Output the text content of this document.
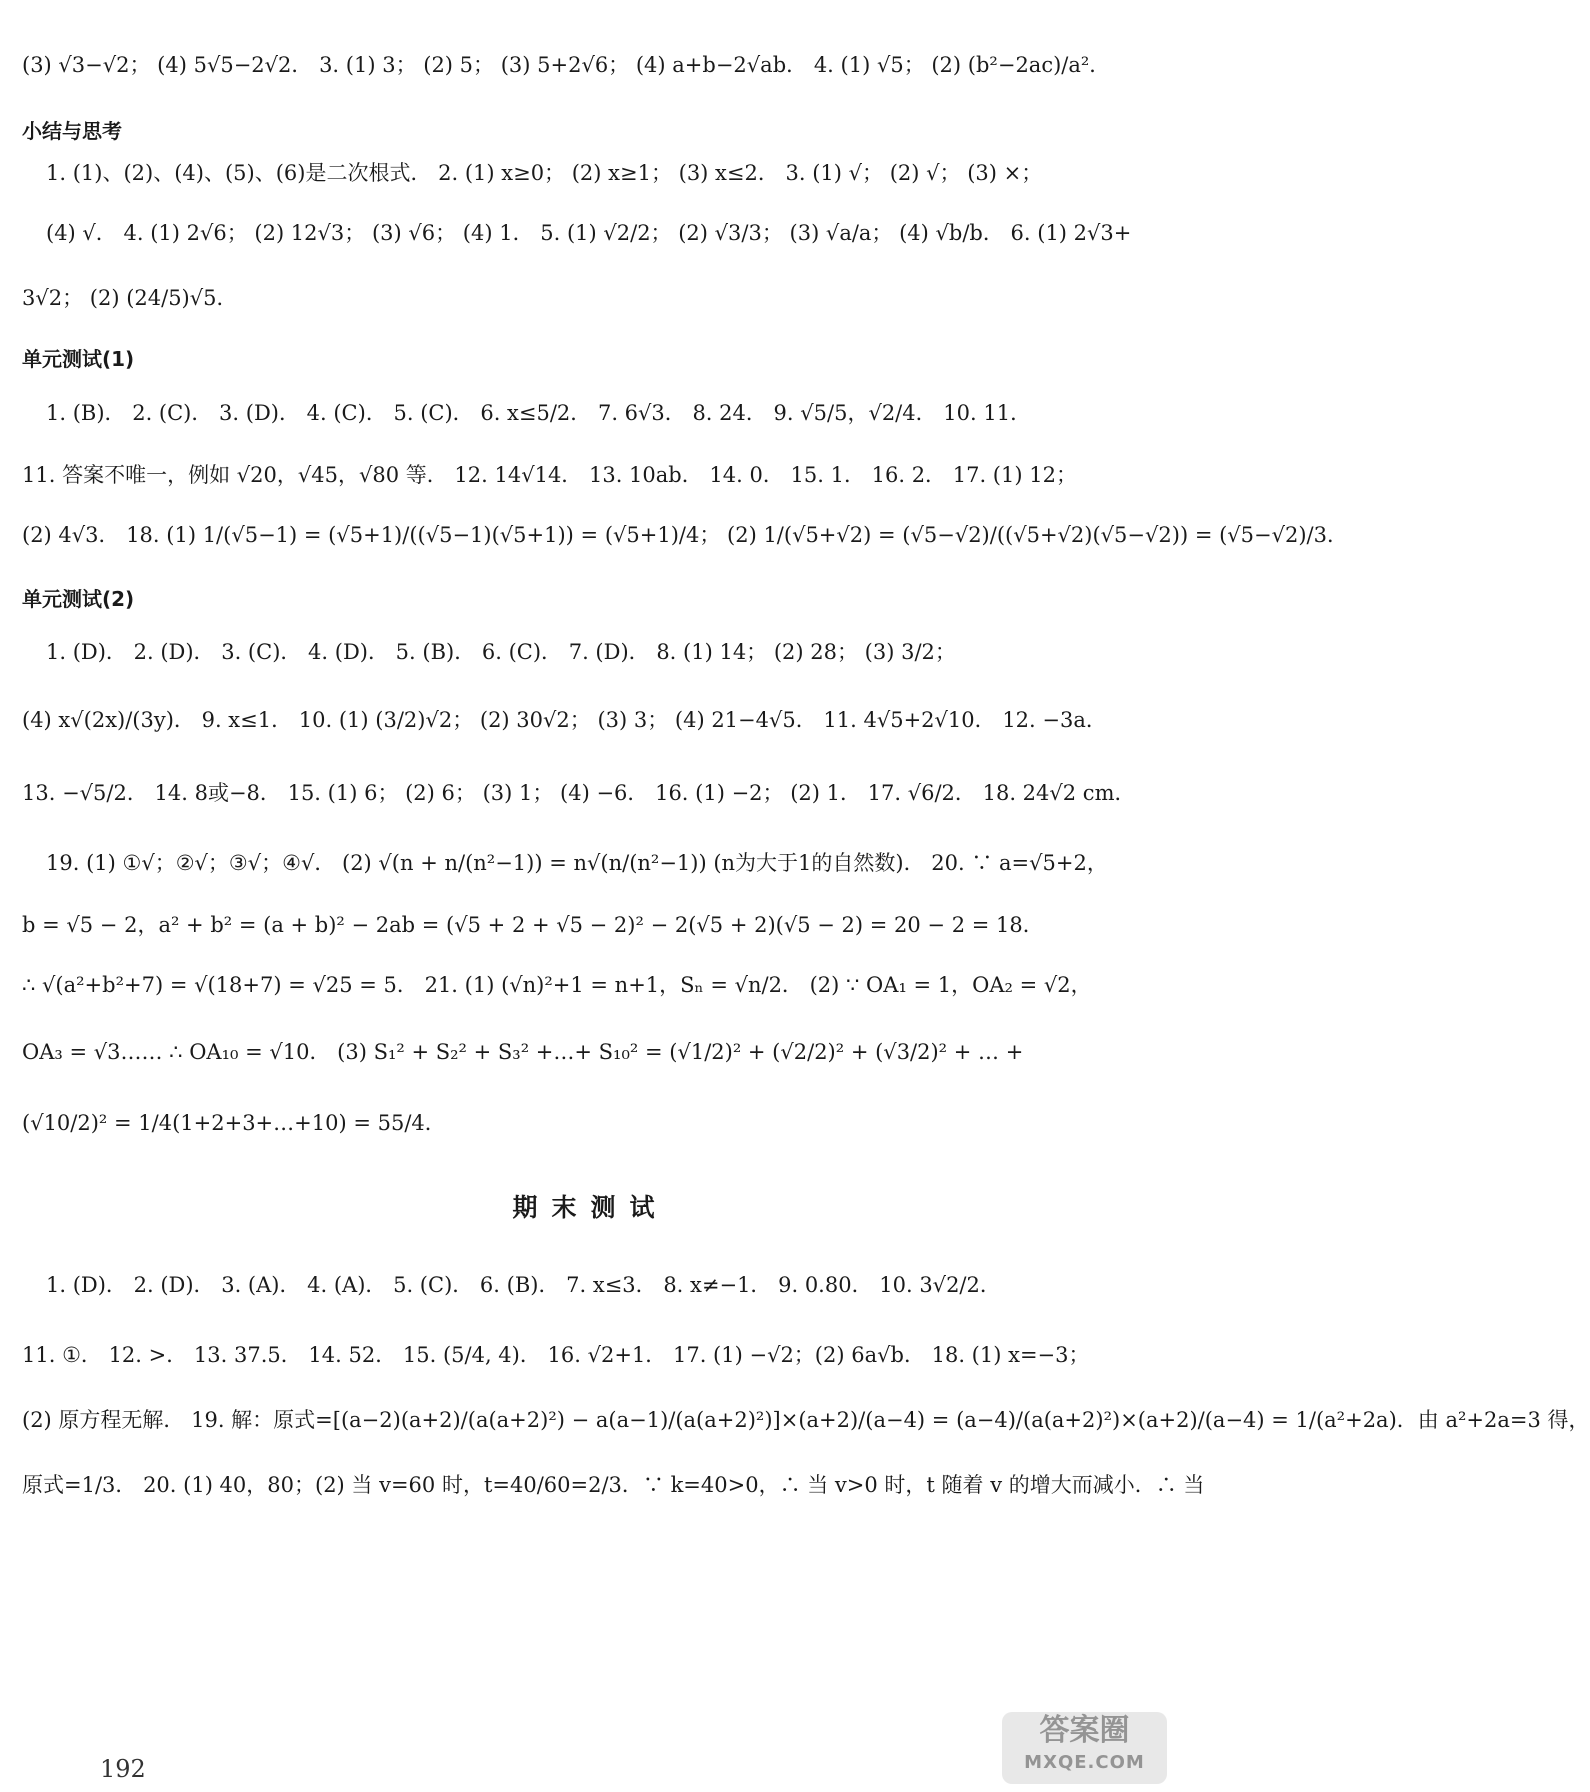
(3) √3−√2； (4) 5√5−2√2． 3. (1) 3； (2) 5； (3) 5+2√6； (4) a+b−2√ab． 4. (1) √5； (2) (b²−2ac)/a²．
小结与思考
1. (1)、(2)、(4)、(5)、(6)是二次根式． 2. (1) x≥0； (2) x≥1； (3) x≤2． 3. (1) √； (2) √； (3) ×；
(4) √． 4. (1) 2√6； (2) 12√3； (3) √6； (4) 1． 5. (1) √2/2； (2) √3/3； (3) √a/a； (4) √b/b． 6. (1) 2√3+
3√2； (2) (24/5)√5．
单元测试(1)
1. (B)． 2. (C)． 3. (D)． 4. (C)． 5. (C)． 6. x≤5/2． 7. 6√3． 8. 24． 9. √5/5，√2/4． 10. 11．
11. 答案不唯一，例如 √20，√45，√80 等． 12. 14√14． 13. 10ab． 14. 0． 15. 1． 16. 2． 17. (1) 12；
(2) 4√3． 18. (1) 1/(√5−1) = (√5+1)/((√5−1)(√5+1)) = (√5+1)/4； (2) 1/(√5+√2) = (√5−√2)/((√5+√2)(√5−√2)) = (√5−√2)/3．
单元测试(2)
1. (D)． 2. (D)． 3. (C)． 4. (D)． 5. (B)． 6. (C)． 7. (D)． 8. (1) 14； (2) 28； (3) 3/2；
(4) x√(2x)/(3y)． 9. x≤1． 10. (1) (3/2)√2； (2) 30√2； (3) 3； (4) 21−4√5． 11. 4√5+2√10． 12. −3a．
13. −√5/2． 14. 8或−8． 15. (1) 6； (2) 6； (3) 1； (4) −6． 16. (1) −2； (2) 1． 17. √6/2． 18. 24√2 cm．
19. (1) ①√；②√；③√；④√． (2) √(n + n/(n²−1)) = n√(n/(n²−1)) (n为大于1的自然数)． 20. ∵ a=√5+2，
b = √5 − 2，a² + b² = (a + b)² − 2ab = (√5 + 2 + √5 − 2)² − 2(√5 + 2)(√5 − 2) = 20 − 2 = 18．
∴ √(a²+b²+7) = √(18+7) = √25 = 5． 21. (1) (√n)²+1 = n+1，Sₙ = √n/2． (2) ∵ OA₁ = 1，OA₂ = √2，
OA₃ = √3…… ∴ OA₁₀ = √10． (3) S₁² + S₂² + S₃² +…+ S₁₀² = (√1/2)² + (√2/2)² + (√3/2)² + … +
(√10/2)² = 1/4(1+2+3+…+10) = 55/4．
期末测试
1. (D)． 2. (D)． 3. (A)． 4. (A)． 5. (C)． 6. (B)． 7. x≤3． 8. x≠−1． 9. 0.80． 10. 3√2/2．
11. ①． 12. >． 13. 37.5． 14. 52． 15. (5/4, 4)． 16. √2+1． 17. (1) −√2；(2) 6a√b． 18. (1) x=−3；
(2) 原方程无解． 19. 解：原式=[(a−2)(a+2)/(a(a+2)²) − a(a−1)/(a(a+2)²)]×(a+2)/(a−4) = (a−4)/(a(a+2)²)×(a+2)/(a−4) = 1/(a²+2a)．由 a²+2a=3 得，
原式=1/3． 20. (1) 40，80；(2) 当 v=60 时，t=40/60=2/3．∵ k=40>0，∴ 当 v>0 时，t 随着 v 的增大而减小．∴ 当
192
答案圈
MXQE.COM
